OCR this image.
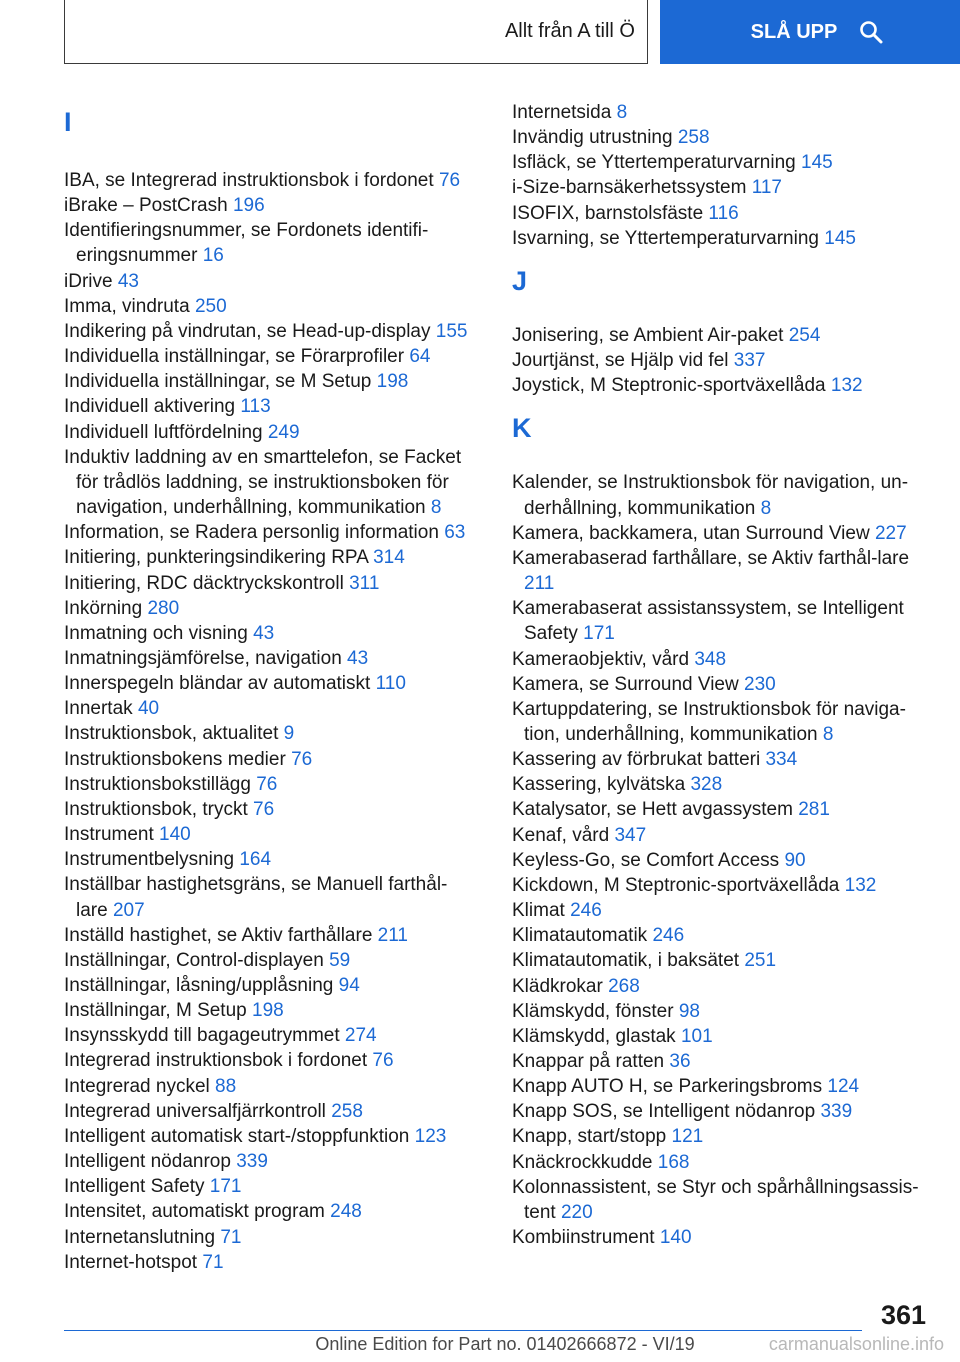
Allt från A till Ö	SLÅ UPP
I
IBA, se Integrerad instruktionsbok i fordonet 76
iBrake – PostCrash 196
Identifieringsnummer, se Fordonets identifi-eringsnummer 16
iDrive 43
Imma, vindruta 250
Indikering på vindrutan, se Head-up-display 155
Individuella inställningar, se Förarprofiler 64
Individuella inställningar, se M Setup 198
Individuell aktivering 113
Individuell luftfördelning 249
Induktiv laddning av en smarttelefon, se Facket för trådlös laddning, se instruktionsboken för navigation, underhållning, kommunikation 8
Information, se Radera personlig information 63
Initiering, punkteringsindikering RPA 314
Initiering, RDC däcktryckskontroll 311
Inkörning 280
Inmatning och visning 43
Inmatningsjämförelse, navigation 43
Innerspegeln bländar av automatiskt 110
Innertak 40
Instruktionsbok, aktualitet 9
Instruktionsbokens medier 76
Instruktionsbokstillägg 76
Instruktionsbok, tryckt 76
Instrument 140
Instrumentbelysning 164
Inställbar hastighetsgräns, se Manuell farthål-lare 207
Inställd hastighet, se Aktiv farthållare 211
Inställningar, Control-displayen 59
Inställningar, låsning/upplåsning 94
Inställningar, M Setup 198
Insynsskydd till bagageutrymmet 274
Integrerad instruktionsbok i fordonet 76
Integrerad nyckel 88
Integrerad universalfjärrkontroll 258
Intelligent automatisk start-/stoppfunktion 123
Intelligent nödanrop 339
Intelligent Safety 171
Intensitet, automatiskt program 248
Internetanslutning 71
Internet-hotspot 71
Internetsida 8
Invändig utrustning 258
Isfläck, se Yttertemperaturvarning 145
i-Size-barnsäkerhetssystem 117
ISOFIX, barnstolsfäste 116
Isvarning, se Yttertemperaturvarning 145
J
Jonisering, se Ambient Air-paket 254
Jourtjänst, se Hjälp vid fel 337
Joystick, M Steptronic-sportväxellåda 132
K
Kalender, se Instruktionsbok för navigation, un-derhållning, kommunikation 8
Kamera, backkamera, utan Surround View 227
Kamerabaserad farthållare, se Aktiv farthål-lare 211
Kamerabaserat assistanssystem, se Intelligent Safety 171
Kameraobjektiv, vård 348
Kamera, se Surround View 230
Kartuppdatering, se Instruktionsbok för naviga-tion, underhållning, kommunikation 8
Kassering av förbrukat batteri 334
Kassering, kylvätska 328
Katalysator, se Hett avgassystem 281
Kenaf, vård 347
Keyless-Go, se Comfort Access 90
Kickdown, M Steptronic-sportväxellåda 132
Klimat 246
Klimatautomatik 246
Klimatautomatik, i baksätet 251
Klädkrokar 268
Klämskydd, fönster 98
Klämskydd, glastak 101
Knappar på ratten 36
Knapp AUTO H, se Parkeringsbroms 124
Knapp SOS, se Intelligent nödanrop 339
Knapp, start/stopp 121
Knäckrockkudde 168
Kolonnassistent, se Styr och spårhållningsassis-tent 220
Kombiinstrument 140
361
Online Edition for Part no. 01402666872 - VI/19	carmanualsonline.info
